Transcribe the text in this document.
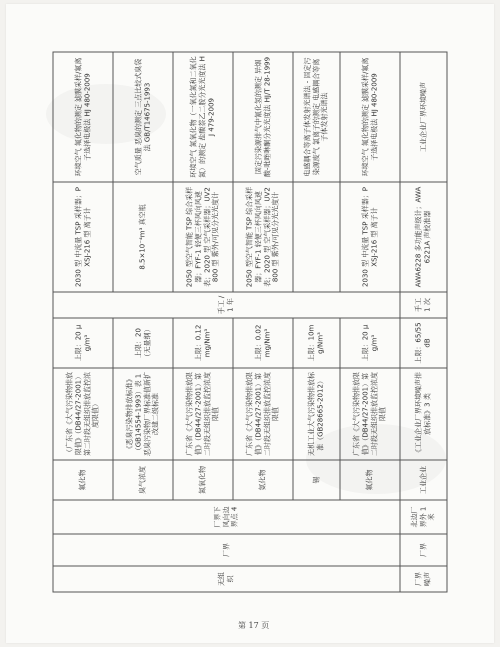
无组织	厂界	厂界下风向边界点 4	氟化物	（广东省《大气污染物排放限值》（DB44/27-2001）第二时段无组织排放监控浓度限值）	上限：20 μg/m³	手工 /1 年	2030 型 中流量 TSP 采样器；PXSJ-216 型 离子计	环境空气 氟化物的测定 滤膜采样/氟离子选择电极法 HJ 480-2009
			臭气浓度	《恶臭污染物排放标准》（GB14554-1993）表 1 恶臭污染物厂界标准值新扩改建二级标准	上限：20（无量纲）		8.5×10⁻⁴m³ 真空瓶	空气质量 恶臭的测定 三点比较式臭袋法 GB/T14675-1993
			氮氧化物	广东省《大气污染物排放限值》（DB44/27-2001）第二时段无组织排放监控浓度限值	上限：0.12mg/Nm³		2050 型空气智能 TSP 综合采样器；FYF-1 轻便三杯风向风速表；2020 型 空气采样器；UV2800 型 紫外/可见分光光度计	环境空气 氮氧化物（一氧化氮和二氧化氮）的测定 盐酸萘乙二胺分光光度法 HJ 479-2009
			氨化物	广东省《大气污染物排放限值》（DB44/27-2001）第二时段无组织排放监控浓度限值	上限：0.02mg/Nm³		2050 型空气智能 TSP 综合采样器；FYF-1 轻便三杯风向风速表；2020 型 空气采样器；UV2800 型 紫外/可见分光光度计	固定污染源排气中氰化氢的测定 异烟酸-吡唑啉酮分光光度法 HJ/T 28-1999
			锡	无机工业大气污染物排放标准（GB28665-2012）	上限：10mg/Nm³			电感耦合等离子体发射光谱法 - 固定污染源废气 氯离子的测定 电感耦合等离子体发射光谱法
			氟化物	广东省《大气污染物排放限值》（DB44/27-2001）第二时段无组织排放监控浓度限值	上限：20 μg/m³		2030 型 中流量 TSP 采样器；PXSJ-216 型 离子计	环境空气 氟化物的测定 滤膜采样/氟离子选择电极法 HJ 480-2009
厂界噪声	厂界	北边厂界外 1 米	工业企业	《工业企业厂界环境噪声排放标准》3 类	上限：65/55dB	手工 1 次	AWA6228 多功能声级计；AWA6221A 声校准器	工业企业厂界环境噪声
第 17 页
